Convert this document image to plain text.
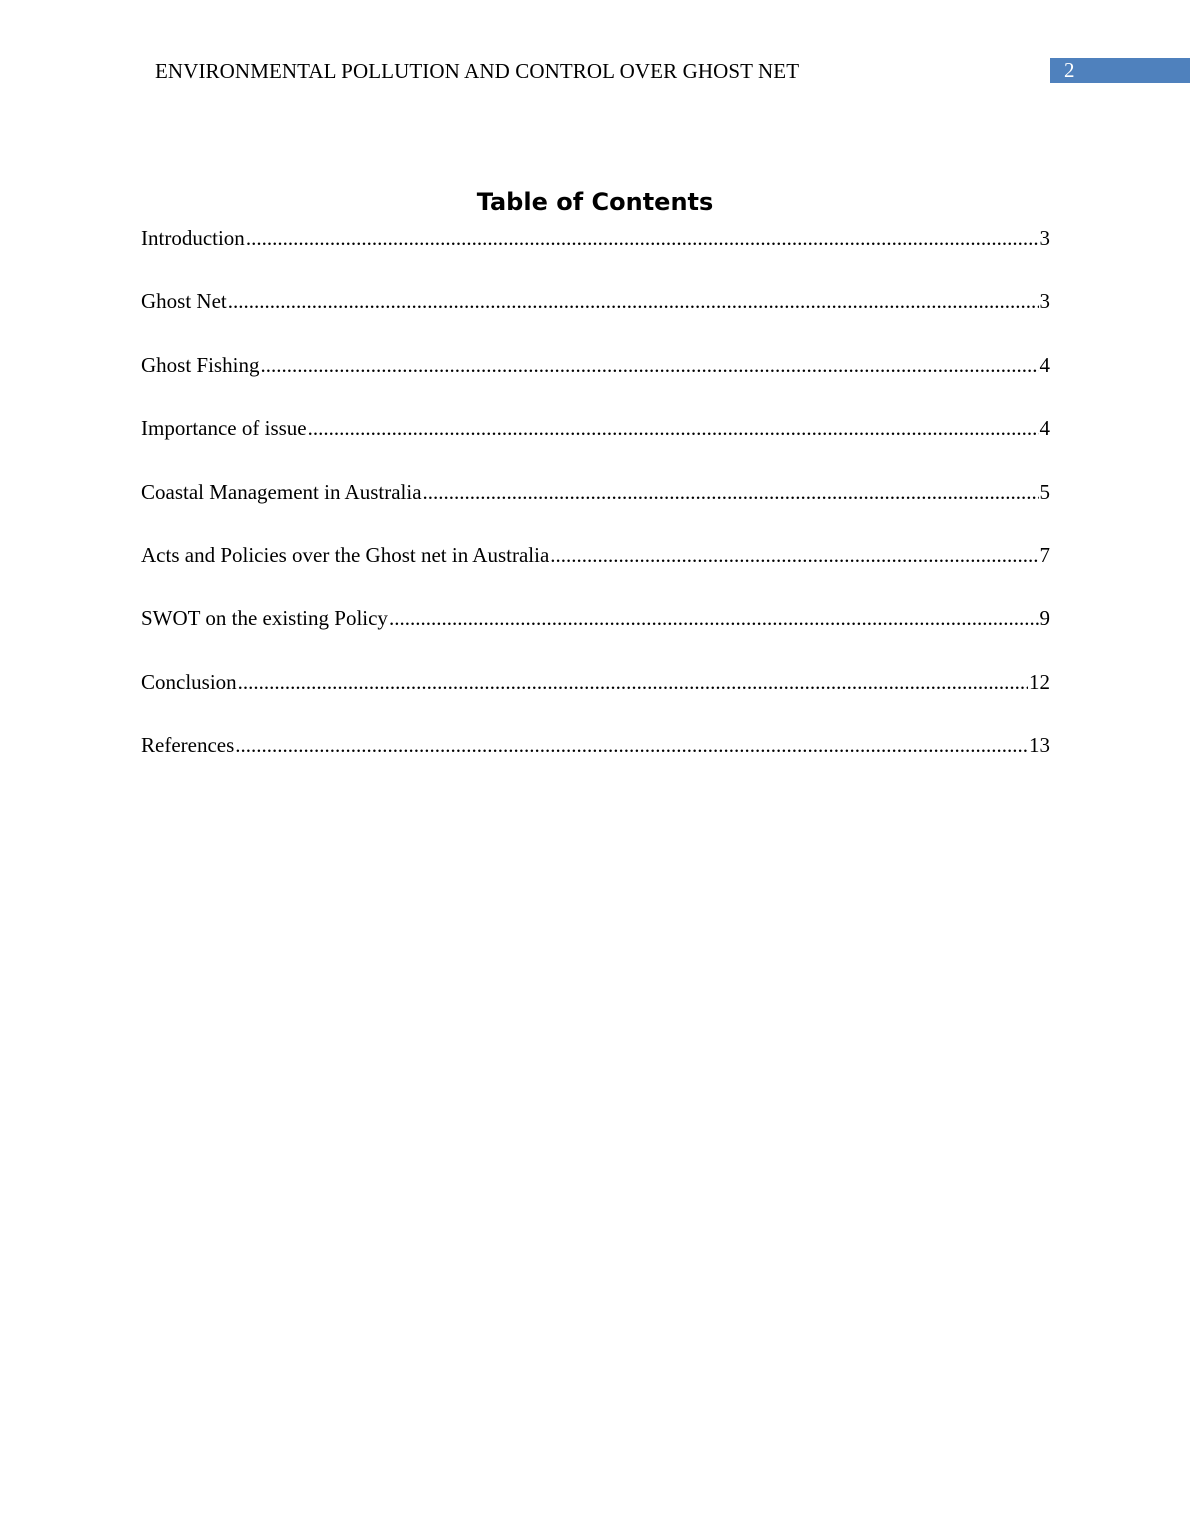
ENVIRONMENTAL POLLUTION AND CONTROL OVER GHOST NET	2
Table of Contents
Introduction .....	3
Ghost Net .....	3
Ghost Fishing .....	4
Importance of issue .....	4
Coastal Management in Australia .....	5
Acts and Policies over the Ghost net in Australia .....	7
SWOT on the existing Policy .....	9
Conclusion .....	12
References .....	13
